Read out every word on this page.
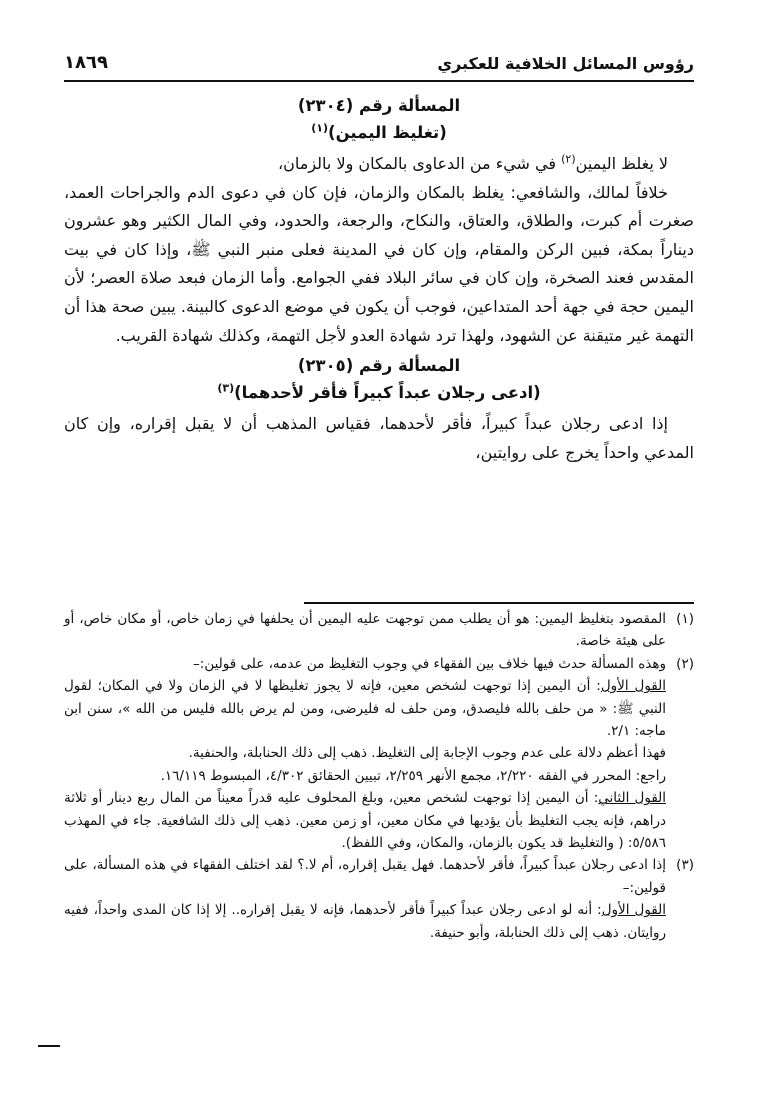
رؤوس المسائل الخلافية للعكبري
١٨٦٩

المسألة رقم (٢٣٠٤)

(تغليظ اليمين)$^{(١)}$

لا يغلظ اليمين$^{(٢)}$ في شيء من الدعاوى بالمكان ولا بالزمان،

خلافاً لمالك، والشافعي: يغلظ بالمكان والزمان، فإن كان في دعوى الدم والجراحات العمد، صغرت أم كبرت، والطلاق، والعتاق، والنكاح، والرجعة، والحدود، وفي المال الكثير وهو عشرون ديناراً بمكة، فبين الركن والمقام، وإن كان في المدينة فعلى منبر النبي ﷺ، وإذا كان في بيت المقدس فعند الصخرة، وإن كان في سائر البلاد ففي الجوامع. وأما الزمان فبعد صلاة العصر؛ لأن اليمين حجة في جهة أحد المتداعين، فوجب أن يكون في موضع الدعوى كالبينة. يبين صحة هذا أن التهمة غير متيقنة عن الشهود، ولهذا ترد شهادة العدو لأجل التهمة، وكذلك شهادة القريب.

المسألة رقم (٢٣٠٥)

(ادعى رجلان عبداً كبيراً فأقر لأحدهما)$^{(٣)}$

إذا ادعى رجلان عبداً كبيراً، فأقر لأحدهما، فقياس المذهب أن لا يقبل إقراره، وإن كان المدعي واحداً يخرج على روايتين،

(١)

المقصود بتغليظ اليمين: هو أن يطلب ممن توجهت عليه اليمين أن يحلفها في زمان خاص، أو مكان خاص، أو على هيئة خاصة.

(٢)

وهذه المسألة حدث فيها خلاف بين الفقهاء في وجوب التغليظ من عدمه، على قولين:–

القول الأول: أن اليمين إذا توجهت لشخص معين، فإنه لا يجوز تغليظها لا في الزمان ولا في المكان؛ لقول النبي ﷺ: « من حلف بالله فليصدق، ومن حلف له فليرضى، ومن لم يرض بالله فليس من الله »، سنن ابن ماجه: ٢/١.

فهذا أعظم دلالة على عدم وجوب الإجابة إلى التغليظ. ذهب إلى ذلك الحنابلة، والحنفية.

راجع: المحرر في الفقه ٢/٢٢٠، مجمع الأنهر ٢/٢٥٩، تبيين الحقائق ٤/٣٠٢، المبسوط ١٦/١١٩.

القول الثاني: أن اليمين إذا توجهت لشخص معين، وبلغ المحلوف عليه قدراً معيناً من المال ربع دينار أو ثلاثة دراهم، فإنه يجب التغليظ بأن يؤديها في مكان معين، أو زمن معين. ذهب إلى ذلك الشافعية. جاء في المهذب ٥/٥٨٦: ( والتغليظ قد يكون بالزمان، والمكان، وفي اللفظ).

(٣)

إذا ادعى رجلان عبداً كبيراً، فأقر لأحدهما. فهل يقبل إقراره، أم لا.؟ لقد اختلف الفقهاء في هذه المسألة، على قولين:–

القول الأول: أنه لو ادعى رجلان عبداً كبيراً فأقر لأحدهما، فإنه لا يقبل إقراره.. إلا إذا كان المدى واحداً، ففيه روايتان. ذهب إلى ذلك الحنابلة، وأبو حنيفة.
